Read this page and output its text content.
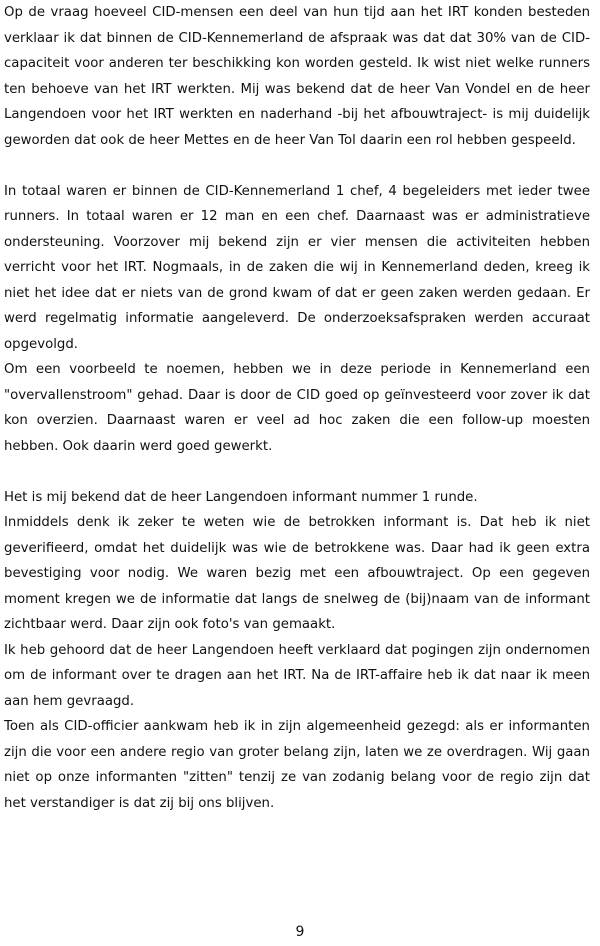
Op de vraag hoeveel CID-mensen een deel van hun tijd aan het IRT konden besteden verklaar ik dat binnen de CID-Kennemerland de afspraak was dat dat 30% van de CID-capaciteit voor anderen ter beschikking kon worden gesteld. Ik wist niet welke runners ten behoeve van het IRT werkten. Mij was bekend dat de heer Van Vondel en de heer Langendoen voor het IRT werkten en naderhand -bij het afbouwtraject- is mij duidelijk geworden dat ook de heer Mettes en de heer Van Tol daarin een rol hebben gespeeld.

In totaal waren er binnen de CID-Kennemerland 1 chef, 4 begeleiders met ieder twee runners. In totaal waren er 12 man en een chef. Daarnaast was er administratieve ondersteuning. Voorzover mij bekend zijn er vier mensen die activiteiten hebben verricht voor het IRT. Nogmaals, in de zaken die wij in Kennemerland deden, kreeg ik niet het idee dat er niets van de grond kwam of dat er geen zaken werden gedaan. Er werd regelmatig informatie aangeleverd. De onderzoeksafspraken werden accuraat opgevolgd.

Om een voorbeeld te noemen, hebben we in deze periode in Kennemerland een "overvallenstroom" gehad. Daar is door de CID goed op geïnvesteerd voor zover ik dat kon overzien. Daarnaast waren er veel ad hoc zaken die een follow-up moesten hebben. Ook daarin werd goed gewerkt.

Het is mij bekend dat de heer Langendoen informant nummer 1 runde.

Inmiddels denk ik zeker te weten wie de betrokken informant is. Dat heb ik niet geverifieerd, omdat het duidelijk was wie de betrokkene was. Daar had ik geen extra bevestiging voor nodig. We waren bezig met een afbouwtraject. Op een gegeven moment kregen we de informatie dat langs de snelweg de (bij)naam van de informant zichtbaar werd. Daar zijn ook foto's van gemaakt.

Ik heb gehoord dat de heer Langendoen heeft verklaard dat pogingen zijn ondernomen om de informant over te dragen aan het IRT. Na de IRT-affaire heb ik dat naar ik meen aan hem gevraagd.

Toen als CID-officier aankwam heb ik in zijn algemeenheid gezegd: als er informanten zijn die voor een andere regio van groter belang zijn, laten we ze overdragen. Wij gaan niet op onze informanten "zitten" tenzij ze van zodanig belang voor de regio zijn dat het verstandiger is dat zij bij ons blijven.

9
